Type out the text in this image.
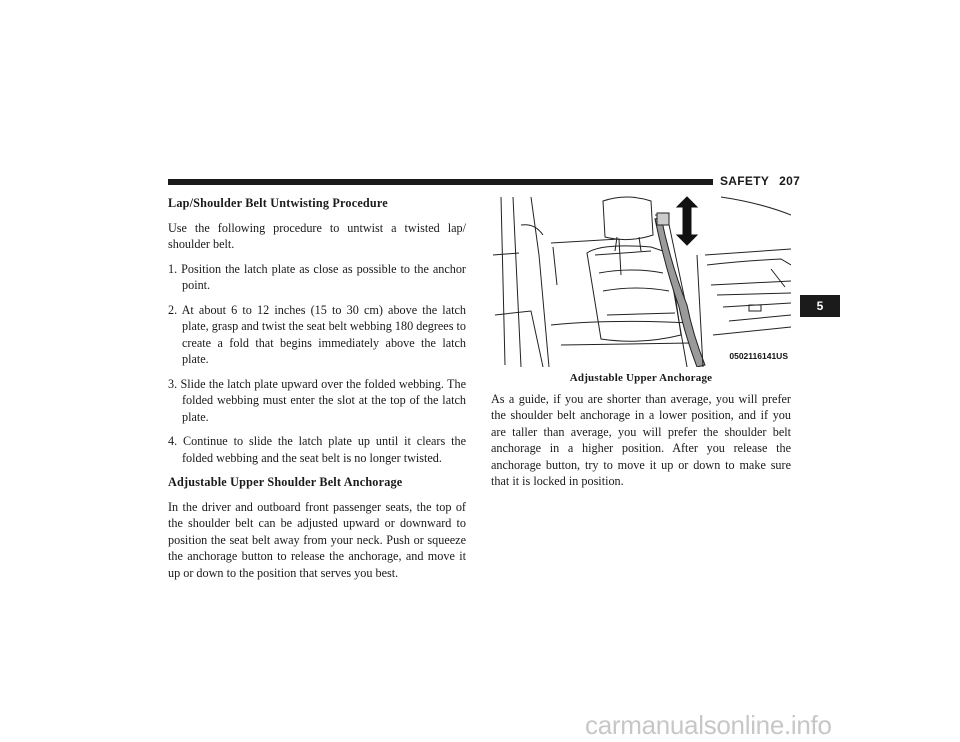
SAFETY 207
5
Lap/Shoulder Belt Untwisting Procedure

Use the following procedure to untwist a twisted lap/ shoulder belt.

1. Position the latch plate as close as possible to the anchor point.
2. At about 6 to 12 inches (15 to 30 cm) above the latch plate, grasp and twist the seat belt webbing 180 degrees to create a fold that begins immediately above the latch plate.
3. Slide the latch plate upward over the folded webbing. The folded webbing must enter the slot at the top of the latch plate.
4. Continue to slide the latch plate up until it clears the folded webbing and the seat belt is no longer twisted.
Adjustable Upper Shoulder Belt Anchorage

In the driver and outboard front passenger seats, the top of the shoulder belt can be adjusted upward or downward to position the seat belt away from your neck. Push or squeeze the anchorage button to release the anchorage, and move it up or down to the position that serves you best.

0502116141US
Adjustable Upper Anchorage

As a guide, if you are shorter than average, you will prefer the shoulder belt anchorage in a lower position, and if you are taller than average, you will prefer the shoulder belt anchorage in a higher position. After you release the anchorage button, try to move it up or down to make sure that it is locked in position.

carmanualsonline.info
